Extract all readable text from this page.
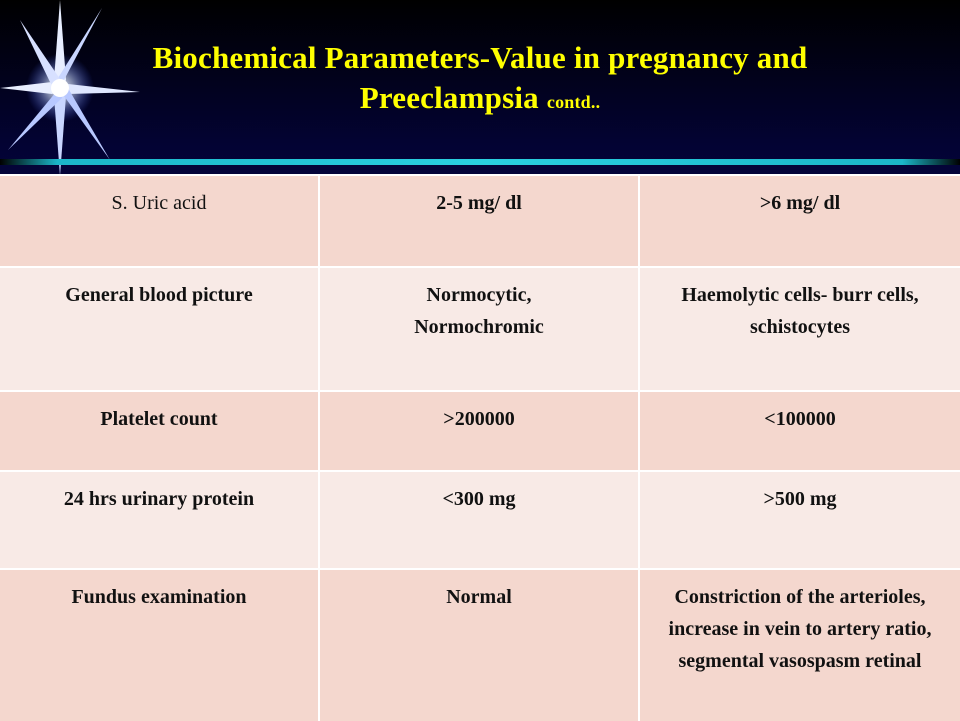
Biochemical Parameters-Value in pregnancy and
Preeclampsia contd..
S. Uric acid	2-5 mg/ dl	>6 mg/ dl
General blood picture	Normocytic, Normochromic	Haemolytic cells- burr cells, schistocytes
Platelet count	>200000	<100000
24 hrs urinary protein	<300 mg	>500 mg
Fundus examination	Normal	Constriction of the arterioles, increase in vein to artery ratio, segmental vasospasm retinal
